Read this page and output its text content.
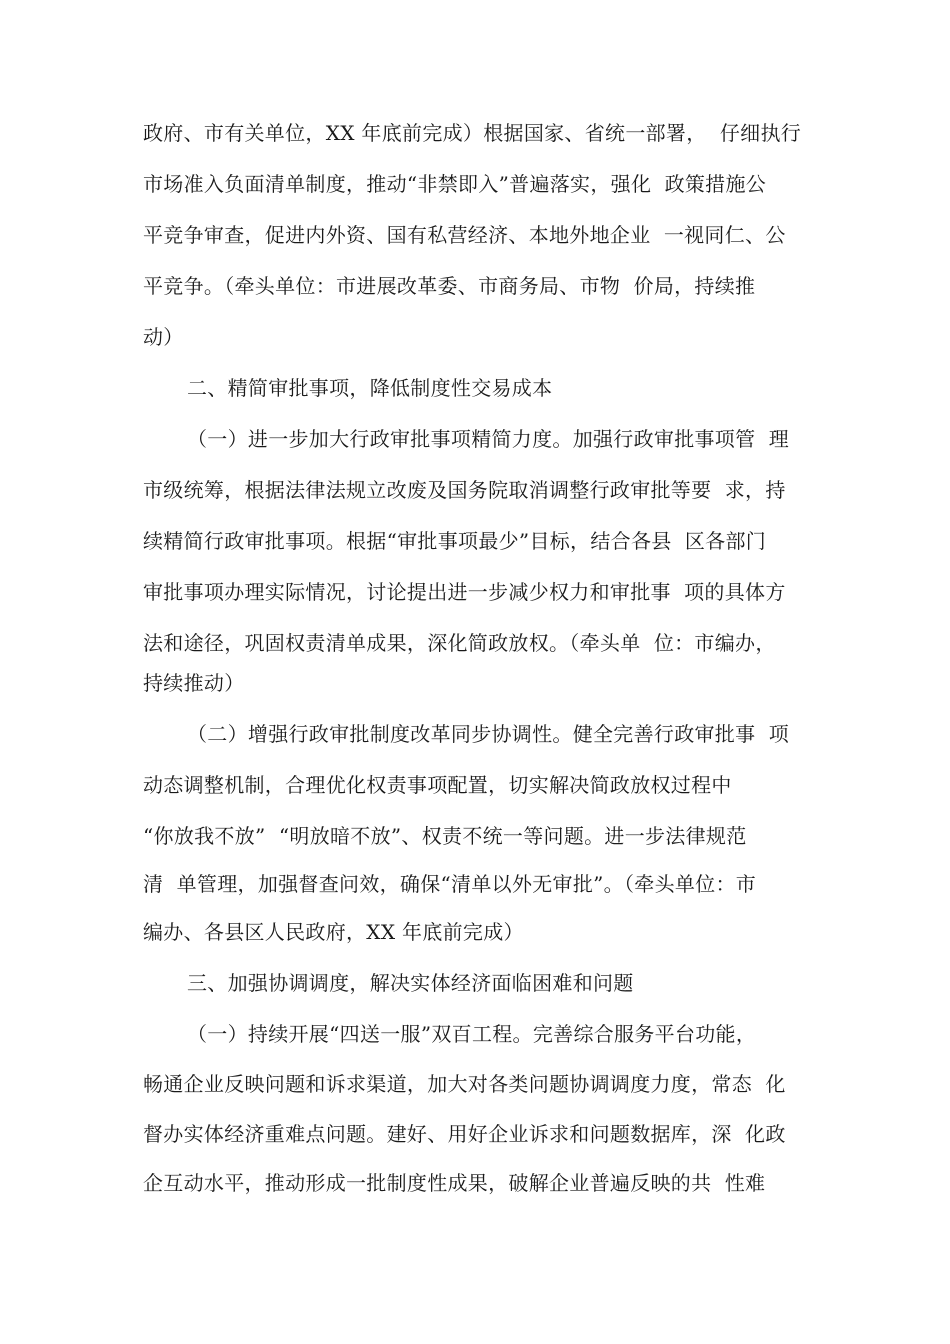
政府、市有关单位，XX 年底前完成）根据国家、省统一部署，  仔细执行
市场准入负面清单制度，推动“非禁即入”普遍落实，强化  政策措施公
平竞争审查，促进内外资、国有私营经济、本地外地企业  一视同仁、公
平竞争。（牵头单位：市进展改革委、市商务局、市物  价局，持续推
动）
二、精简审批事项，降低制度性交易成本
（一）进一步加大行政审批事项精简力度。加强行政审批事项管  理
市级统筹，根据法律法规立改废及国务院取消调整行政审批等要  求，持
续精简行政审批事项。根据“审批事项最少”目标，结合各县  区各部门
审批事项办理实际情况，讨论提出进一步减少权力和审批事  项的具体方
法和途径，巩固权责清单成果，深化简政放权。（牵头单  位：市编办，
持续推动）
（二）增强行政审批制度改革同步协调性。健全完善行政审批事  项
动态调整机制，合理优化权责事项配置，切实解决简政放权过程中
“你放我不放”  “明放暗不放”、权责不统一等问题。进一步法律规范
清  单管理，加强督查问效，确保“清单以外无审批”。（牵头单位：市
编办、各县区人民政府，XX 年底前完成）
三、加强协调调度，解决实体经济面临困难和问题
（一）持续开展“四送一服”双百工程。完善综合服务平台功能，
畅通企业反映问题和诉求渠道，加大对各类问题协调调度力度，常态  化
督办实体经济重难点问题。建好、用好企业诉求和问题数据库，深  化政
企互动水平，推动形成一批制度性成果，破解企业普遍反映的共  性难
